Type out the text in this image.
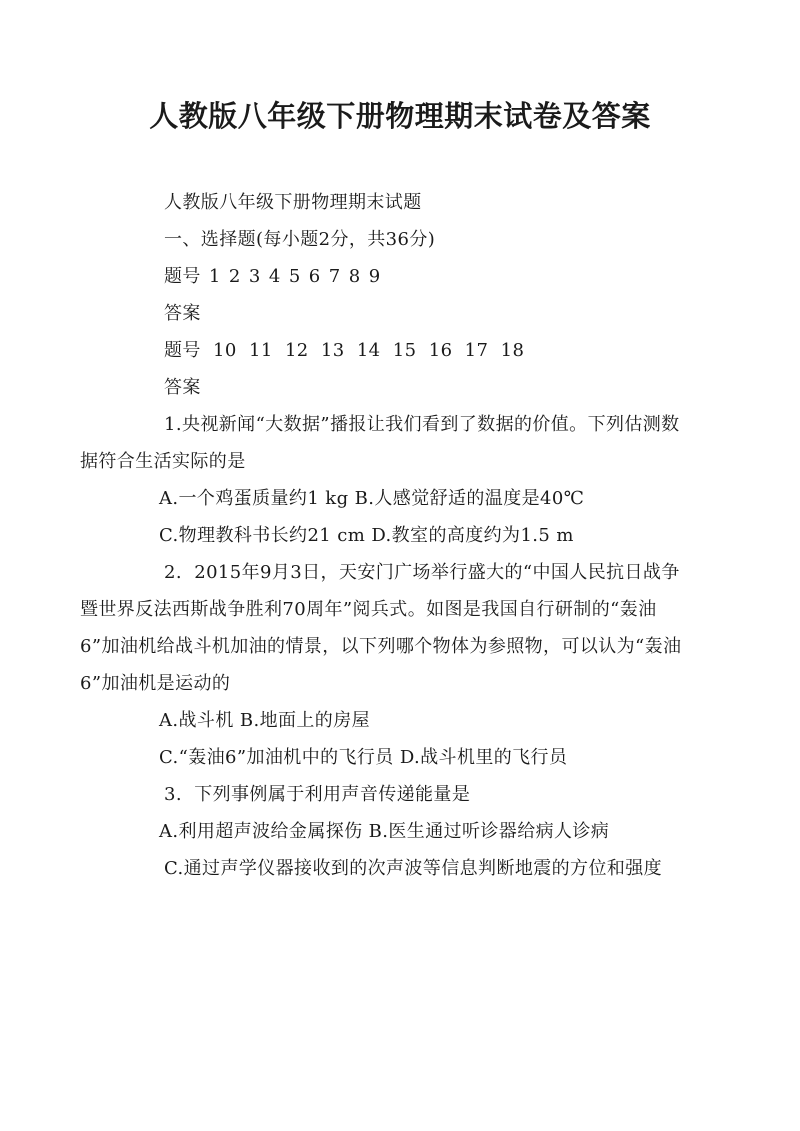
人教版八年级下册物理期末试卷及答案

人教版八年级下册物理期末试题

一、选择题(每小题2分，共36分)

题号 1 2 3 4 5 6 7 8 9

答案

题号  10  11  12  13  14  15  16  17  18

答案

1.央视新闻“大数据”播报让我们看到了数据的价值。下列估测数据符合生活实际的是

A.一个鸡蛋质量约1 kg B.人感觉舒适的温度是40℃

C.物理教科书长约21 cm D.教室的高度约为1.5 m

2.  2015年9月3日，天安门广场举行盛大的“中国人民抗日战争暨世界反法西斯战争胜利70周年”阅兵式。如图是我国自行研制的“轰油6”加油机给战斗机加油的情景，以下列哪个物体为参照物，可以认为“轰油6”加油机是运动的

A.战斗机 B.地面上的房屋

C.“轰油6”加油机中的飞行员 D.战斗机里的飞行员

3.  下列事例属于利用声音传递能量是

A.利用超声波给金属探伤 B.医生通过听诊器给病人诊病

C.通过声学仪器接收到的次声波等信息判断地震的方位和强度
